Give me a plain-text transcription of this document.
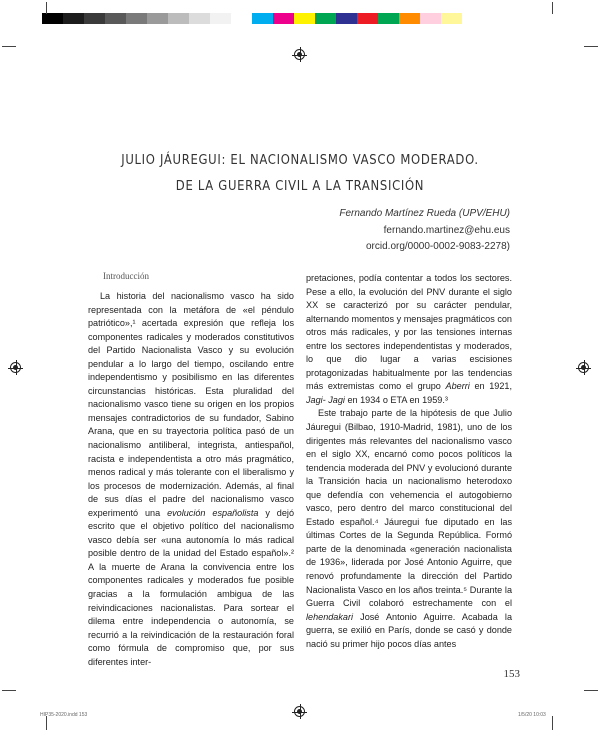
JULIO JÁUREGUI: EL NACIONALISMO VASCO MODERADO.
DE LA GUERRA CIVIL A LA TRANSICIÓN
Fernando Martínez Rueda (UPV/EHU)
fernando.martinez@ehu.eus
orcid.org/0000-0002-9083-2278)
Introducción

La historia del nacionalismo vasco ha sido representada con la metáfora de «el péndulo patriótico»,¹ acertada expresión que refleja los componentes radicales y moderados constitutivos del Partido Nacionalista Vasco y su evolución pendular a lo largo del tiempo, oscilando entre independentismo y posibilismo en las diferentes circunstancias históricas. Esta pluralidad del nacionalismo vasco tiene su origen en los propios mensajes contradictorios de su fundador, Sabino Arana, que en su trayectoria política pasó de un nacionalismo antiliberal, integrista, antiespañol, racista e independentista a otro más pragmático, menos radical y más tolerante con el liberalismo y los procesos de modernización. Además, al final de sus días el padre del nacionalismo vasco experimentó una evolución españolista y dejó escrito que el objetivo político del nacionalismo vasco debía ser «una autonomía lo más radical posible dentro de la unidad del Estado español».² A la muerte de Arana la convivencia entre los componentes radicales y moderados fue posible gracias a la formulación ambigua de las reivindicaciones nacionalistas. Para sortear el dilema entre independencia o autonomía, se recurrió a la reivindicación de la restauración foral como fórmula de compromiso que, por sus diferentes inter-

pretaciones, podía contentar a todos los sectores. Pese a ello, la evolución del PNV durante el siglo XX se caracterizó por su carácter pendular, alternando momentos y mensajes pragmáticos con otros más radicales, y por las tensiones internas entre los sectores independentistas y moderados, lo que dio lugar a varias escisiones protagonizadas habitualmente por las tendencias más extremistas como el grupo Aberri en 1921, Jagi- Jagi en 1934 o ETA en 1959.³

Este trabajo parte de la hipótesis de que Julio Jáuregui (Bilbao, 1910-Madrid, 1981), uno de los dirigentes más relevantes del nacionalismo vasco en el siglo XX, encarnó como pocos políticos la tendencia moderada del PNV y evolucionó durante la Transición hacia un nacionalismo heterodoxo que defendía con vehemencia el autogobierno vasco, pero dentro del marco constitucional del Estado español.⁴ Jáuregui fue diputado en las últimas Cortes de la Segunda República. Formó parte de la denominada «generación nacionalista de 1936», liderada por José Antonio Aguirre, que renovó profundamente la dirección del Partido Nacionalista Vasco en los años treinta.⁵ Durante la Guerra Civil colaboró estrechamente con el lehendakari José Antonio Aguirre. Acabada la guerra, se exilió en París, donde se casó y donde nació su primer hijo pocos días antes

153
HIP35-2020.indd 153	1/5/20 10:03
